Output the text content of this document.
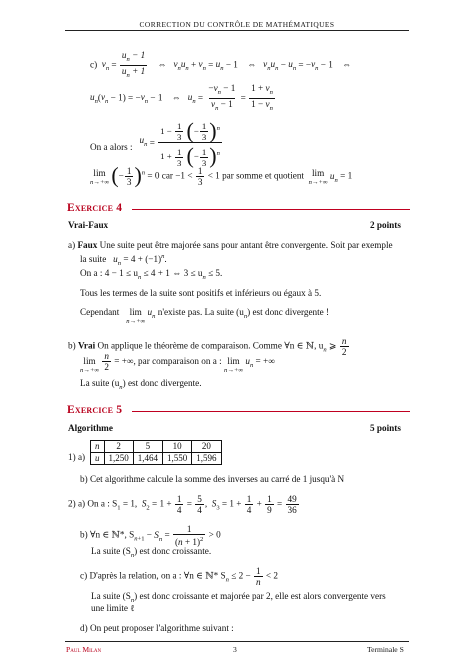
CORRECTION DU CONTRÔLE DE MATHÉMATIQUES
c)  $v_n = \frac{u_n - 1}{u_n + 1}$ ⇔   $v_nu_n + v_n = u_n - 1$    ⇔   $v_nu_n - u_n = -v_n - 1$    ⇔
$u_n(v_n - 1) = -v_n - 1$    ⇔   $u_n = \frac{-v_n - 1}{v_n - 1} = \frac{1 + v_n}{1 - v_n}$
On a alors :   $u_n = \frac{1 - \frac{1}{3} (- \frac{1}{3} )^n}{1 + \frac{1}{3} (- \frac{1}{3} )^n}$
lim
n→+∞ (− $\frac{1}{3} )^n = 0$ car $-1 < \frac{1}{3} < 1$ par somme et quotient lim
n→+∞
$u_n = 1$
Exercice 4
Vrai-Faux	2 points
a) Faux Une suite peut être majorée sans pour antant être convergente. Soit par exemple
la suite $u_n = 4 + (-1)^n$.
On a : $4 - 1 \le u_n \le 4 + 1$ ⇔ $3 \le u_n \le 5$.
Tous les termes de la suite sont positifs et inférieurs ou égaux à 5.
Cependant lim
n→+∞
$u_n$ n'existe pas. La suite $(u_n)$ est donc divergente !
b) Vrai On applique le théorème de comparaison. Comme ∀n ∈ ℕ, $u_n$ ⩾ $\frac{n}{2}$
lim
n→+∞
$\frac{n}{2}$ = +∞, par comparaison on a : lim
n→+∞
$u_n$ = +∞
La suite $(u_n)$ est donc divergente.
Exercice 5
Algorithme	5 points
1) a)
n	2	5	10	20
u	1,250	1,464	1,550	1,596
b) Cet algorithme calcule la somme des inverses au carré de 1 jusqu'à N
2) a) On a : $S_1 = 1$,  $S_2 = 1 + \frac{1}{4} = \frac{5}{4}$ ,  $S_3 = 1 + \frac{1}{4} + \frac{1}{9} = \frac{49}{36}$
b) ∀n ∈ ℕ*, $S_{n+1} - S_n = \frac{1}{(n + 1)^2} > 0$
La suite $(S_n)$ est donc croissante.
c) D'après la relation, on a : ∀n ∈ ℕ* $S_n \le 2 - \frac{1}{n} < 2$
La suite $(S_n)$ est donc croissante et majorée par 2, elle est alors convergente vers
une limite ℓ
d) On peut proposer l'algorithme suivant :
Paul Milan	3	Terminale S
